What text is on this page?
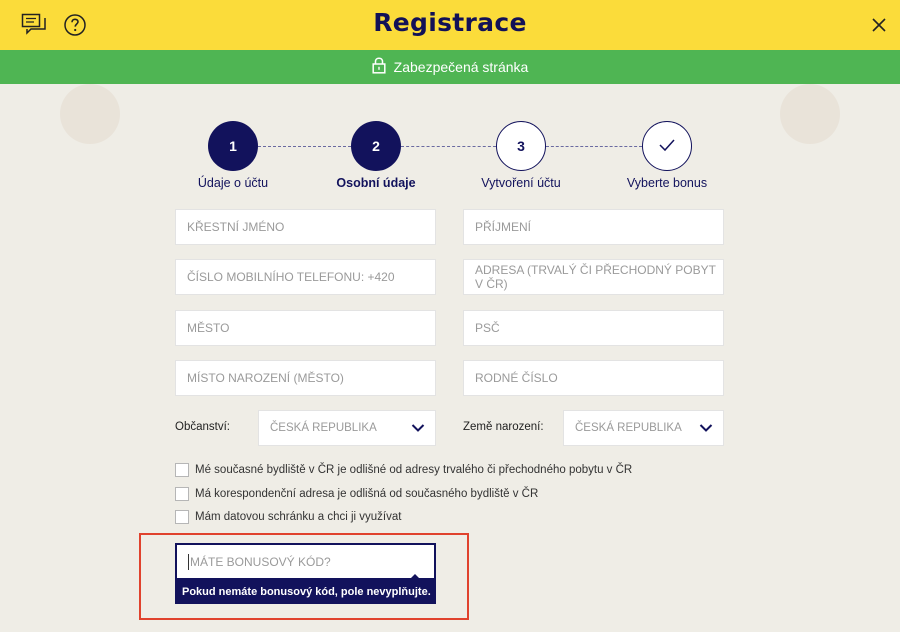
Registrace
Zabezpečená stránka
1	2	3
Údaje o účtu	Osobní údaje	Vytvoření účtu	Vyberte bonus
KŘESTNÍ JMÉNO	PŘÍJMENÍ
ČÍSLO MOBILNÍHO TELEFONU: +420	ADRESA (TRVALÝ ČI PŘECHODNÝ POBYT V ČR)
MĚSTO	PSČ
MÍSTO NAROZENÍ (MĚSTO)	RODNÉ ČÍSLO
Občanství:	ČESKÁ REPUBLIKA	Země narození:	ČESKÁ REPUBLIKA
Mé současné bydliště v ČR je odlišné od adresy trvalého či přechodného pobytu v ČR
Má korespondenční adresa je odlišná od současného bydliště v ČR
Mám datovou schránku a chci ji využívat
MÁTE BONUSOVÝ KÓD?
Pokud nemáte bonusový kód, pole nevyplňujte.
